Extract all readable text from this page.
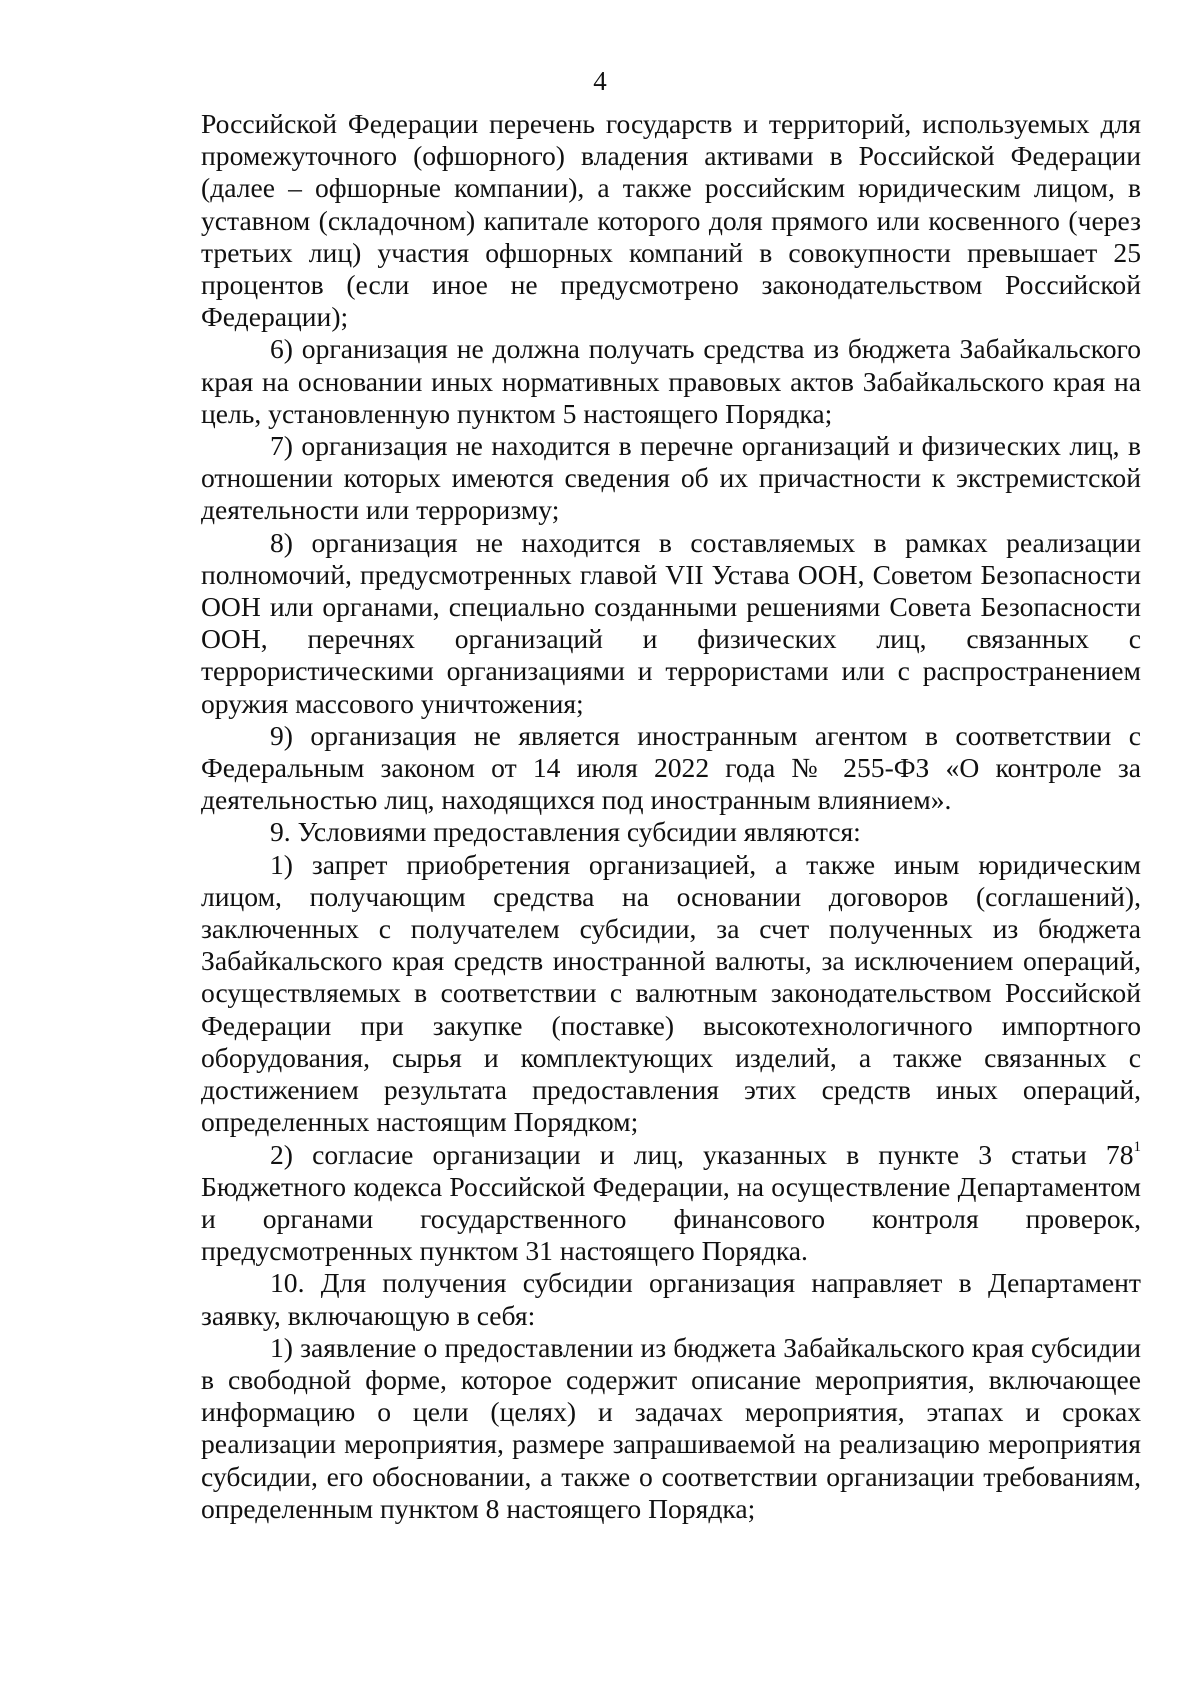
4

Российской Федерации перечень государств и территорий, используемых для промежуточного (офшорного) владения активами в Российской Федерации (далее – офшорные компании), а также российским юридическим лицом, в уставном (складочном) капитале которого доля прямого или косвенного (через третьих лиц) участия офшорных компаний в совокупности превышает 25 процентов (если иное не предусмотрено законодательством Российской Федерации);

6) организация не должна получать средства из бюджета Забайкальского края на основании иных нормативных правовых актов Забайкальского края на цель, установленную пунктом 5 настоящего Порядка;

7) организация не находится в перечне организаций и физических лиц, в отношении которых имеются сведения об их причастности к экстремистской деятельности или терроризму;

8) организация не находится в составляемых в рамках реализации полномочий, предусмотренных главой VII Устава ООН, Советом Безопасности ООН или органами, специально созданными решениями Совета Безопасности ООН, перечнях организаций и физических лиц, связанных с террористическими организациями и террористами или с распространением оружия массового уничтожения;

9) организация не является иностранным агентом в соответствии с Федеральным законом от 14 июля 2022 года № 255-ФЗ «О контроле за деятельностью лиц, находящихся под иностранным влиянием».

9. Условиями предоставления субсидии являются:

1) запрет приобретения организацией, а также иным юридическим лицом, получающим средства на основании договоров (соглашений), заключенных с получателем субсидии, за счет полученных из бюджета Забайкальского края средств иностранной валюты, за исключением операций, осуществляемых в соответствии с валютным законодательством Российской Федерации при закупке (поставке) высокотехнологичного импортного оборудования, сырья и комплектующих изделий, а также связанных с достижением результата предоставления этих средств иных операций, определенных настоящим Порядком;

2) согласие организации и лиц, указанных в пункте 3 статьи $78^1$ Бюджетного кодекса Российской Федерации, на осуществление Департаментом и органами государственного финансового контроля проверок, предусмотренных пунктом 31 настоящего Порядка.

10. Для получения субсидии организация направляет в Департамент заявку, включающую в себя:

1) заявление о предоставлении из бюджета Забайкальского края субсидии в свободной форме, которое содержит описание мероприятия, включающее информацию о цели (целях) и задачах мероприятия, этапах и сроках реализации мероприятия, размере запрашиваемой на реализацию мероприятия субсидии, его обосновании, а также о соответствии организации требованиям, определенным пунктом 8 настоящего Порядка;
